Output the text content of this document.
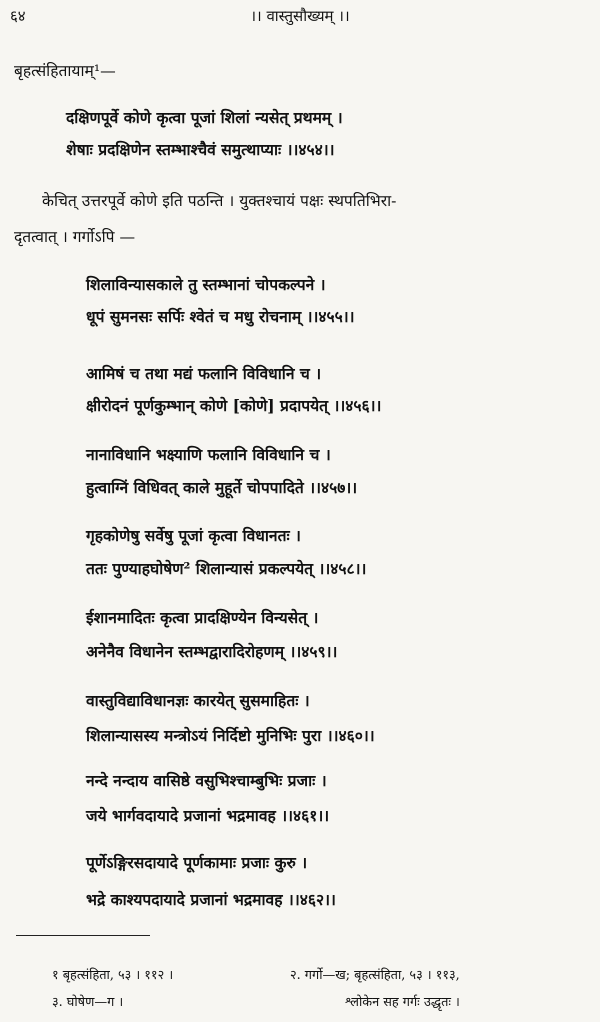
६४	।। वास्तुसौख्यम् ।।
बृहत्संहितायाम्¹—
दक्षिणपूर्वे कोणे कृत्वा पूजां शिलां न्यसेत् प्रथमम् ।
शेषाः प्रदक्षिणेन स्तम्भाश्चैवं समुत्थाप्याः ।।४५४।।
केचित् उत्तरपूर्वे कोणे इति पठन्ति । युक्तश्चायं पक्षः स्थपतिभिरा-
दृतत्वात् । गर्गोऽपि —
शिलाविन्यासकाले तु स्तम्भानां चोपकल्पने ।
धूपं सुमनसः सर्पिः श्वेतं च मधु रोचनाम् ।।४५५।।
आमिषं च तथा मद्यं फलानि विविधानि च ।
क्षीरोदनं पूर्णकुम्भान् कोणे [कोणे] प्रदापयेत् ।।४५६।।
नानाविधानि भक्ष्याणि फलानि विविधानि च ।
हुत्वाग्निं विधिवत् काले मुहूर्ते चोपपादिते ।।४५७।।
गृहकोणेषु सर्वेषु पूजां कृत्वा विधानतः ।
ततः पुण्याहघोषेण² शिलान्यासं प्रकल्पयेत् ।।४५८।।
ईशानमादितः कृत्वा प्रादक्षिण्येन विन्यसेत् ।
अनेनैव विधानेन स्तम्भद्वारादिरोहणम् ।।४५९।।
वास्तुविद्याविधानज्ञः कारयेत् सुसमाहितः ।
शिलान्यासस्य मन्त्रोऽयं निर्दिष्टो मुनिभिः पुरा ।।४६०।।
नन्दे नन्दाय वासिष्ठे वसुभिश्चाम्बुभिः प्रजाः ।
जये भार्गवदायादे प्रजानां भद्रमावह ।।४६१।।
पूर्णेऽङ्गिरसदायादे पूर्णकामाः प्रजाः कुरु ।
भद्रे काश्यपदायादे प्रजानां भद्रमावह ।।४६२।।
१ बृहत्संहिता, ५३ । ११२ ।	२. गर्गो—ख; बृहत्संहिता, ५३ । ११३,
३. घोषेण—ग ।	श्लोकेन सह गर्गः उद्धृतः ।
